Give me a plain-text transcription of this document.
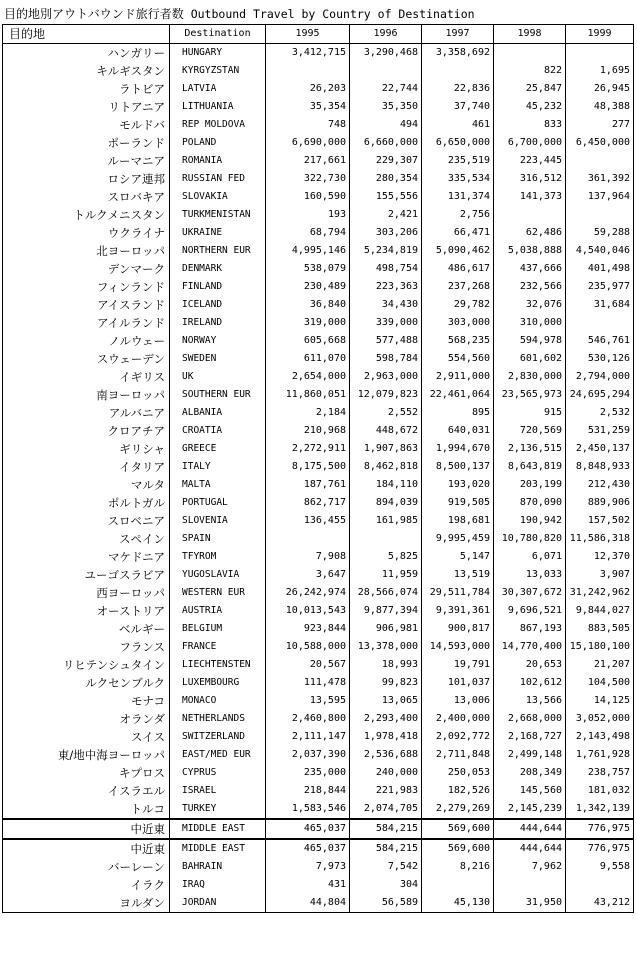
目的地別アウトバウンド旅行者数 Outbound Travel by Country of Destination
目的地	Destination	1995	1996	1997	1998	1999
ハンガリー	HUNGARY	3,412,715	3,290,468	3,358,692		
キルギスタン	KYRGYZSTAN				822	1,695
ラトビア	LATVIA	26,203	22,744	22,836	25,847	26,945
リトアニア	LITHUANIA	35,354	35,350	37,740	45,232	48,388
モルドバ	REP MOLDOVA	748	494	461	833	277
ポーランド	POLAND	6,690,000	6,660,000	6,650,000	6,700,000	6,450,000
ルーマニア	ROMANIA	217,661	229,307	235,519	223,445	
ロシア連邦	RUSSIAN FED	322,730	280,354	335,534	316,512	361,392
スロバキア	SLOVAKIA	160,590	155,556	131,374	141,373	137,964
トルクメニスタン	TURKMENISTAN	193	2,421	2,756		
ウクライナ	UKRAINE	68,794	303,206	66,471	62,486	59,288
北ヨーロッパ	NORTHERN EUR	4,995,146	5,234,819	5,090,462	5,038,888	4,540,046
デンマーク	DENMARK	538,079	498,754	486,617	437,666	401,498
フィンランド	FINLAND	230,489	223,363	237,268	232,566	235,977
アイスランド	ICELAND	36,840	34,430	29,782	32,076	31,684
アイルランド	IRELAND	319,000	339,000	303,000	310,000	
ノルウェー	NORWAY	605,668	577,488	568,235	594,978	546,761
スウェーデン	SWEDEN	611,070	598,784	554,560	601,602	530,126
イギリス	UK	2,654,000	2,963,000	2,911,000	2,830,000	2,794,000
南ヨーロッパ	SOUTHERN EUR	11,860,051	12,079,823	22,461,064	23,565,973	24,695,294
アルバニア	ALBANIA	2,184	2,552	895	915	2,532
クロアチア	CROATIA	210,968	448,672	640,031	720,569	531,259
ギリシャ	GREECE	2,272,911	1,907,863	1,994,670	2,136,515	2,450,137
イタリア	ITALY	8,175,500	8,462,818	8,500,137	8,643,819	8,848,933
マルタ	MALTA	187,761	184,110	193,020	203,199	212,430
ポルトガル	PORTUGAL	862,717	894,039	919,505	870,090	889,906
スロベニア	SLOVENIA	136,455	161,985	198,681	190,942	157,502
スペイン	SPAIN			9,995,459	10,780,820	11,586,318
マケドニア	TFYROM	7,908	5,825	5,147	6,071	12,370
ユーゴスラビア	YUGOSLAVIA	3,647	11,959	13,519	13,033	3,907
西ヨーロッパ	WESTERN EUR	26,242,974	28,566,074	29,511,784	30,307,672	31,242,962
オーストリア	AUSTRIA	10,013,543	9,877,394	9,391,361	9,696,521	9,844,027
ベルギー	BELGIUM	923,844	906,981	900,817	867,193	883,505
フランス	FRANCE	10,588,000	13,378,000	14,593,000	14,770,400	15,180,100
リヒテンシュタイン	LIECHTENSTEN	20,567	18,993	19,791	20,653	21,207
ルクセンブルク	LUXEMBOURG	111,478	99,823	101,037	102,612	104,500
モナコ	MONACO	13,595	13,065	13,006	13,566	14,125
オランダ	NETHERLANDS	2,460,800	2,293,400	2,400,000	2,668,000	3,052,000
スイス	SWITZERLAND	2,111,147	1,978,418	2,092,772	2,168,727	2,143,498
東/地中海ヨーロッパ	EAST/MED EUR	2,037,390	2,536,688	2,711,848	2,499,148	1,761,928
キプロス	CYPRUS	235,000	240,000	250,053	208,349	238,757
イスラエル	ISRAEL	218,844	221,983	182,526	145,560	181,032
トルコ	TURKEY	1,583,546	2,074,705	2,279,269	2,145,239	1,342,139
中近東	MIDDLE EAST	465,037	584,215	569,600	444,644	776,975
中近東	MIDDLE EAST	465,037	584,215	569,600	444,644	776,975
バーレーン	BAHRAIN	7,973	7,542	8,216	7,962	9,558
イラク	IRAQ	431	304			
ヨルダン	JORDAN	44,804	56,589	45,130	31,950	43,212
